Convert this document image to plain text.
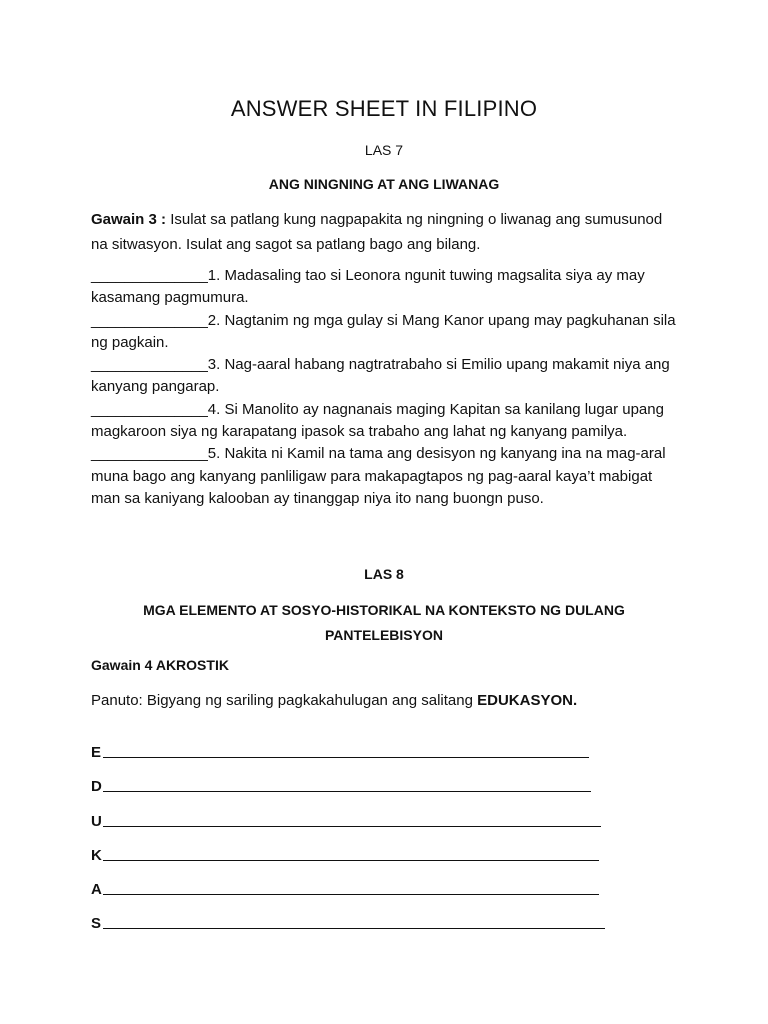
ANSWER SHEET IN FILIPINO
LAS 7
ANG NINGNING AT ANG LIWANAG
Gawain 3 : Isulat sa patlang kung nagpapakita ng ningning o liwanag ang sumusunod na sitwasyon. Isulat ang sagot sa patlang bago ang bilang.

______________1. Madasaling tao si Leonora ngunit tuwing magsalita siya ay may kasamang pagmumura.

______________2. Nagtanim ng mga gulay si Mang Kanor upang may pagkuhanan sila ng pagkain.

______________3. Nag-aaral habang nagtratrabaho si Emilio upang makamit niya ang kanyang pangarap.

______________4. Si Manolito ay nagnanais maging Kapitan sa kanilang lugar upang magkaroon siya ng karapatang ipasok sa trabaho ang lahat ng kanyang pamilya.

______________5. Nakita ni Kamil na tama ang desisyon ng kanyang ina na mag-aral muna bago ang kanyang panliligaw para makapagtapos ng pag-aaral kaya’t mabigat man sa kaniyang kalooban ay tinanggap niya ito nang buongn puso.

LAS 8
MGA ELEMENTO AT SOSYO-HISTORIKAL NA KONTEKSTO NG DULANG PANTELEBISYON
Gawain 4 AKROSTIK
Panuto: Bigyang ng sariling pagkakahulugan ang salitang EDUKASYON.
E
D
U
K
A
S
